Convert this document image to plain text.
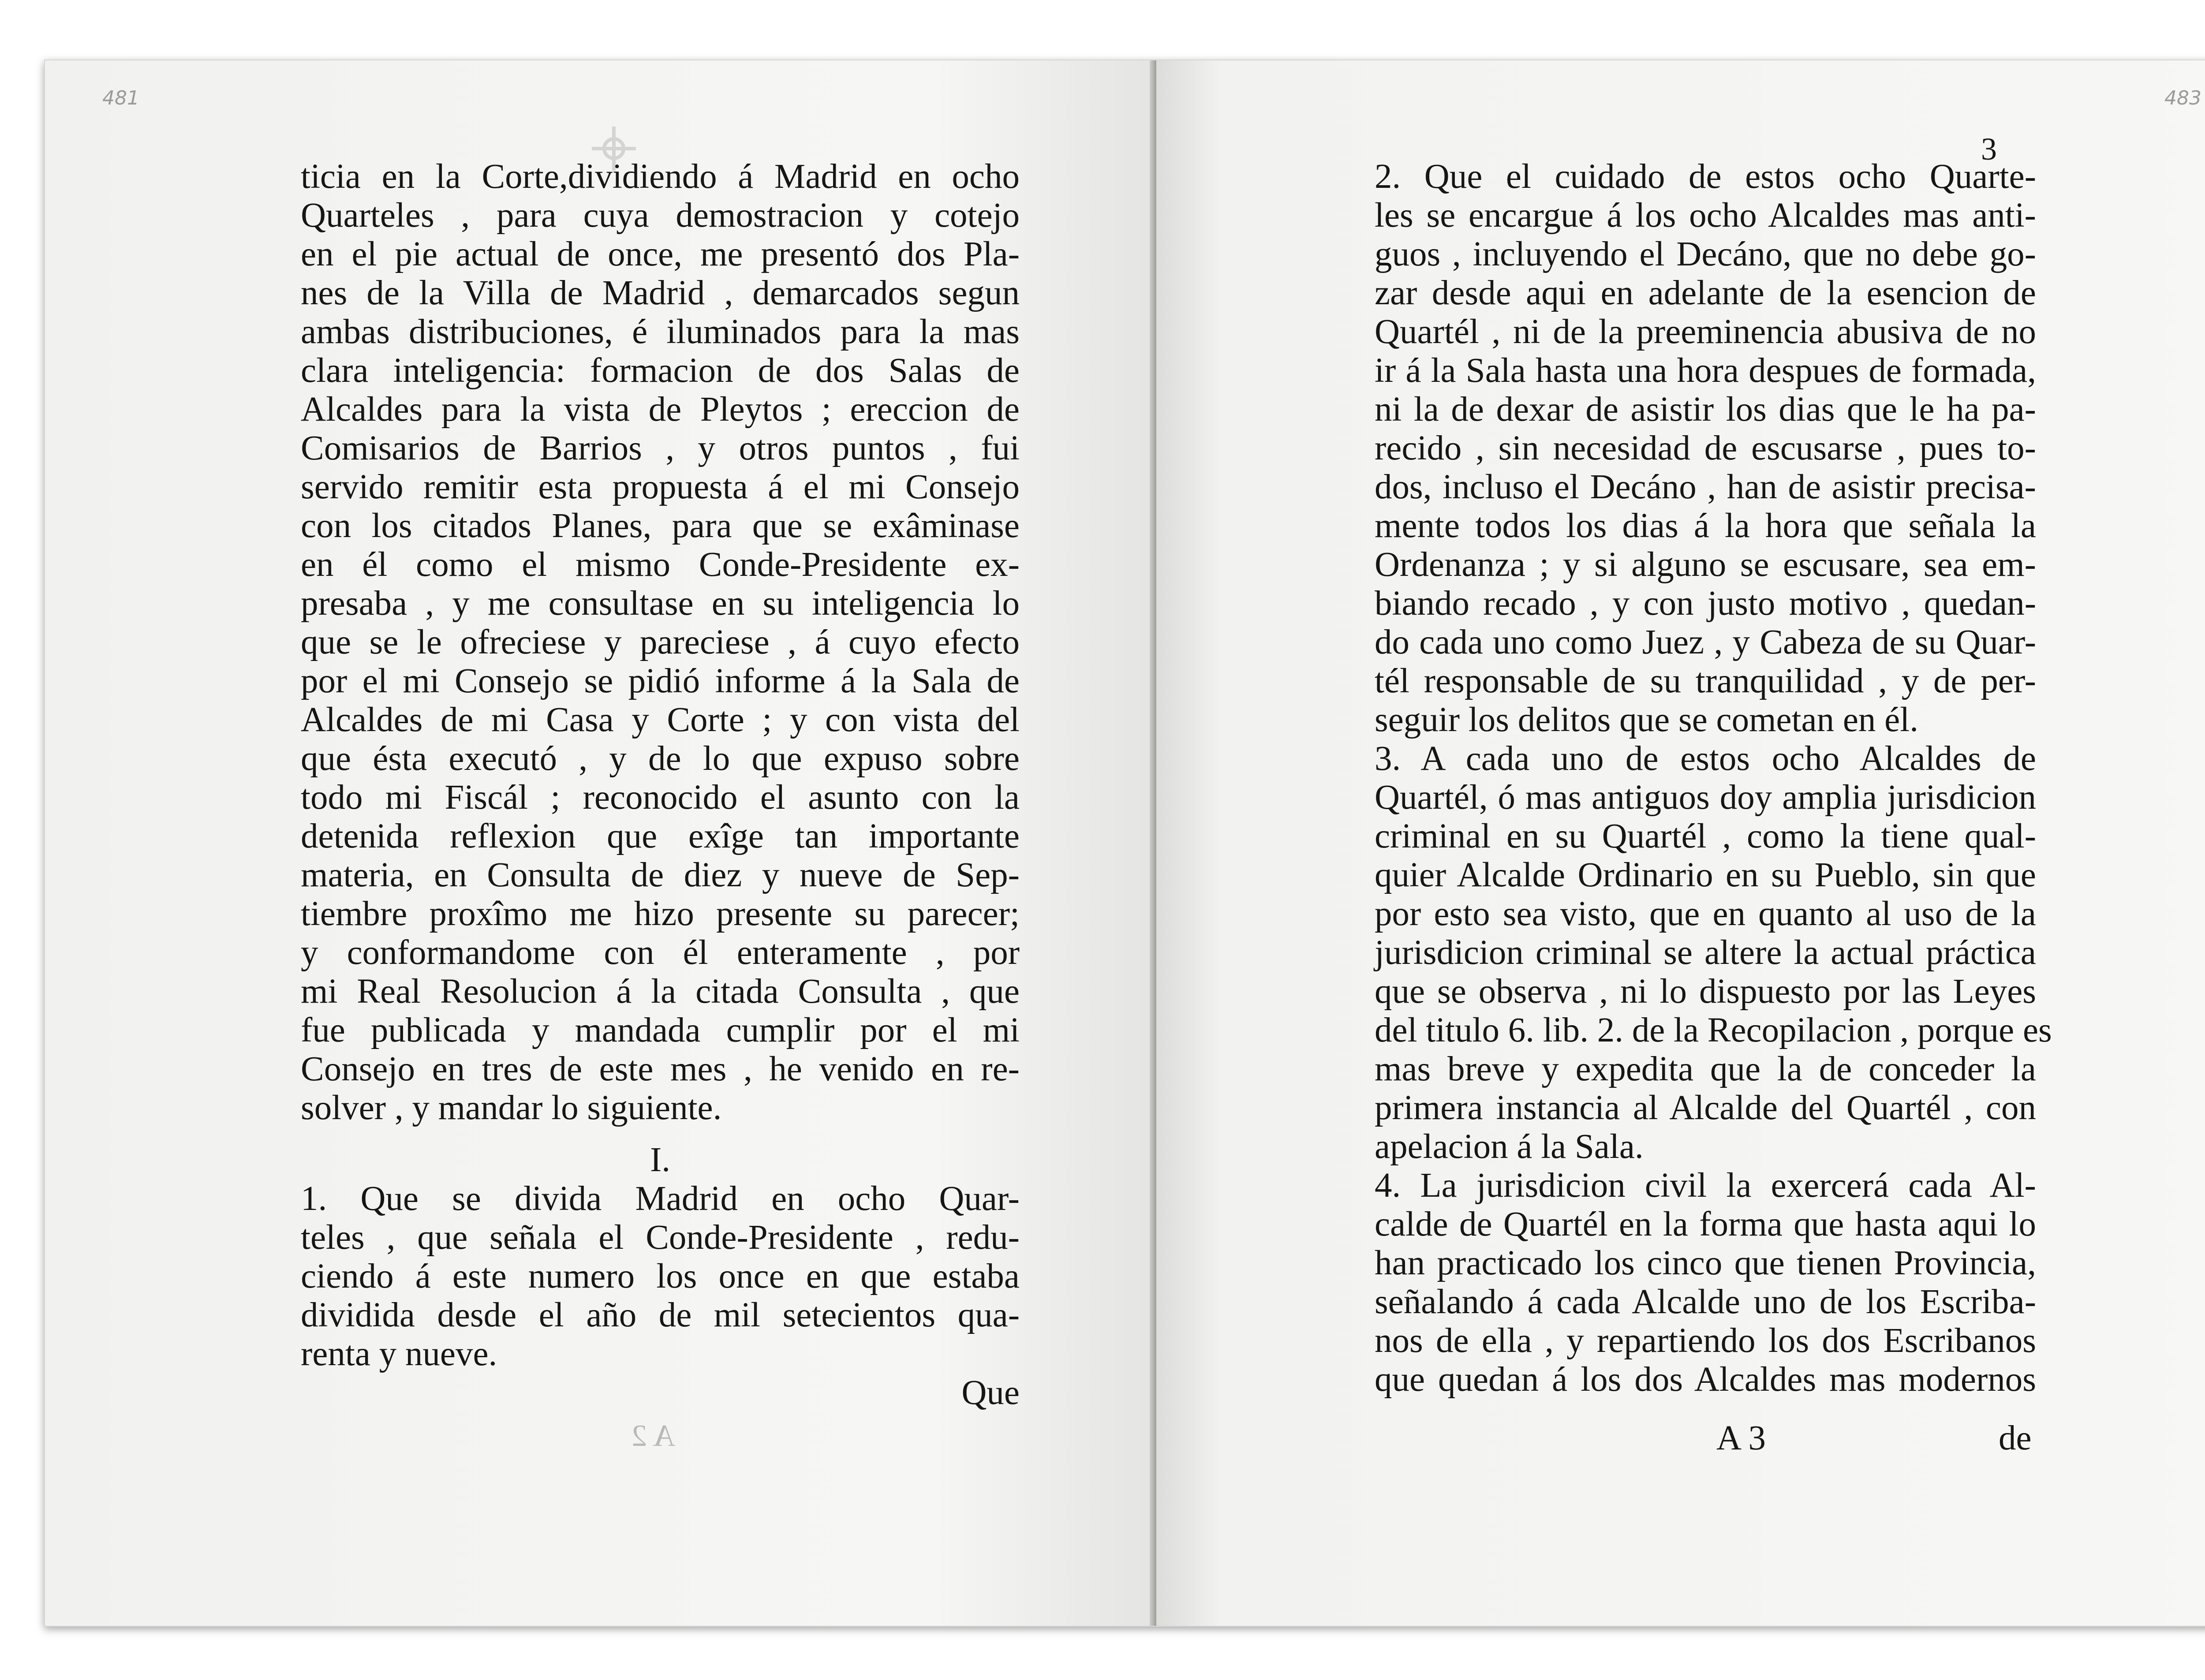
481
ticia en la Corte,dividiendo á Madrid en ocho
Quarteles , para cuya demostracion y cotejo
en el pie actual de once, me presentó dos Pla-
nes de la Villa de Madrid , demarcados segun
ambas distribuciones, é iluminados para la mas
clara inteligencia: formacion de dos Salas de
Alcaldes para la vista de Pleytos ; ereccion de
Comisarios de Barrios , y otros puntos , fui
servido remitir esta propuesta á el mi Consejo
con los citados Planes, para que se exâminase
en él como el mismo Conde-Presidente ex-
presaba , y me consultase en su inteligencia lo
que se le ofreciese y pareciese , á cuyo efecto
por el mi Consejo se pidió informe á la Sala de
Alcaldes de mi Casa y Corte ; y con vista del
que ésta executó , y de lo que expuso sobre
todo mi Fiscál ; reconocido el asunto con la
detenida reflexion que exîge tan importante
materia, en Consulta de diez y nueve de Sep-
tiembre proxîmo me hizo presente su parecer;
y conformandome con él enteramente , por
mi Real Resolucion á la citada Consulta , que
fue publicada y mandada cumplir por el mi
Consejo en tres de este mes , he venido en re-
solver , y mandar lo siguiente.
I.
1. Que se divida Madrid en ocho Quar-
teles , que señala el Conde-Presidente , redu-
ciendo á este numero los once en que estaba
dividida desde el año de mil setecientos qua-
renta y nueve.
Que
A 2
483
3
2. Que el cuidado de estos ocho Quarte-
les se encargue á los ocho Alcaldes mas anti-
guos , incluyendo el Decáno, que no debe go-
zar desde aqui en adelante de la esencion de
Quartél , ni de la preeminencia abusiva de no
ir á la Sala hasta una hora despues de formada,
ni la de dexar de asistir los dias que le ha pa-
recido , sin necesidad de escusarse , pues to-
dos, incluso el Decáno , han de asistir precisa-
mente todos los dias á la hora que señala la
Ordenanza ; y si alguno se escusare, sea em-
biando recado , y con justo motivo , quedan-
do cada uno como Juez , y Cabeza de su Quar-
tél responsable de su tranquilidad , y de per-
seguir los delitos que se cometan en él.
3. A cada uno de estos ocho Alcaldes de
Quartél, ó mas antiguos doy amplia jurisdicion
criminal en su Quartél , como la tiene qual-
quier Alcalde Ordinario en su Pueblo, sin que
por esto sea visto, que en quanto al uso de la
jurisdicion criminal se altere la actual práctica
que se observa , ni lo dispuesto por las Leyes
del titulo 6. lib. 2. de la Recopilacion , porque es
mas breve y expedita que la de conceder la
primera instancia al Alcalde del Quartél , con
apelacion á la Sala.
4. La jurisdicion civil la exercerá cada Al-
calde de Quartél en la forma que hasta aqui lo
han practicado los cinco que tienen Provincia,
señalando á cada Alcalde uno de los Escriba-
nos de ella , y repartiendo los dos Escribanos
que quedan á los dos Alcaldes mas modernos
A 3	de
